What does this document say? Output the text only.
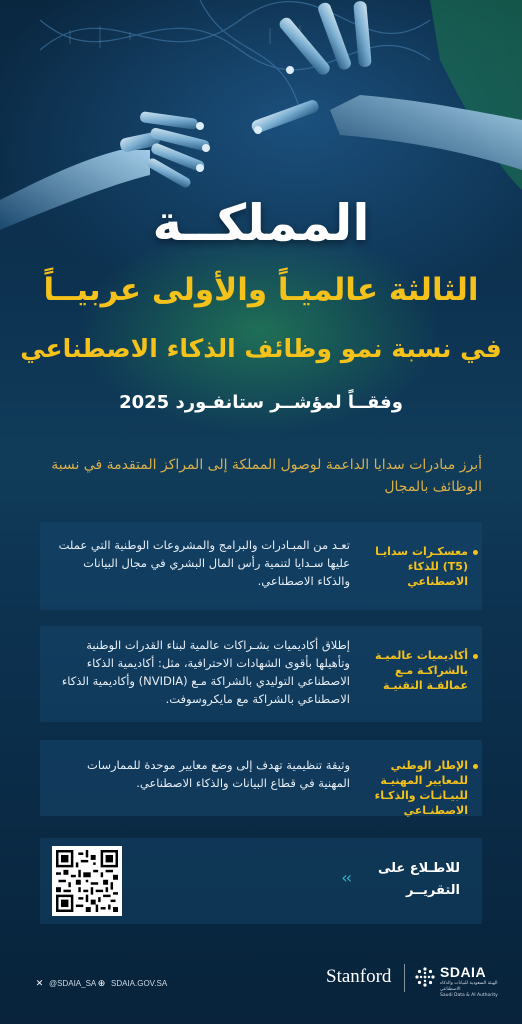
المملكــة
الثالثة عالميـاً والأولى عربيــاً
في نسبة نمو وظائف الذكاء الاصطناعي
وفقــاً لمؤشــر ستانفـورد 2025
أبرز مبادرات سدايا الداعمة لوصول المملكة إلى المراكز المتقدمة في نسبة الوظائف بالمجال
معسكـرات سدايـا (T5) للذكاء الاصطناعي
تعـد من المبـادرات والبرامج والمشروعات الوطنية التي عملت عليها سـدايا لتنمية رأس المال البشري في مجال البيانات والذكاء الاصطناعي.
أكاديميات عالميـة بالشراكـة مـع عمالقـة التقنيـة
إطلاق أكاديميات بشـراكات عالمية لبناء القدرات الوطنية وتأهيلها بأقوى الشهادات الاحترافية، مثل: أكاديمية الذكاء الاصطناعي التوليدي بالشراكة مـع (NVIDIA) وأكاديمية الذكاء الاصطناعي بالشراكة مع مايكروسوفت.
الإطار الوطني للمعايير المهنيـة للبيـانـات والذكـاء الاصطنـاعي
وثيقة تنظيمية تهدف إلى وضع معايير موحدة للممارسات المهنية في قطاع البيانات والذكاء الاصطناعي.
‹‹	للاطـلاع على التقريــر
✕ @SDAIA_SA ⊕ SDAIA.GOV.SA	Stanford	SDAIA
الهيئة السعودية للبيانات والذكاء الاصطناعي
Saudi Data & AI Authority
